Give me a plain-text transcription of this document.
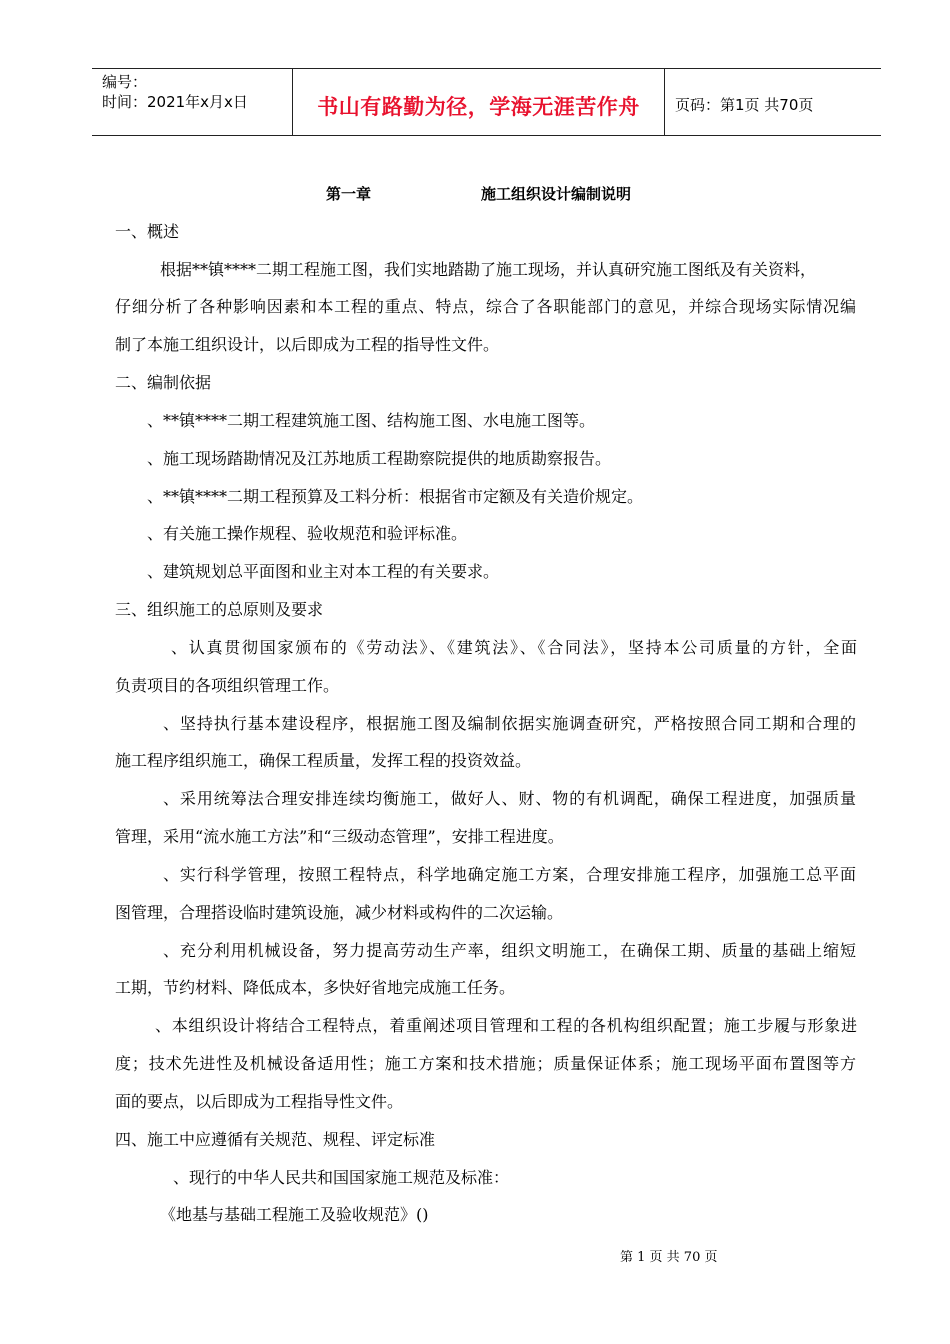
编号：
时间：2021年x月x日	书山有路勤为径，学海无涯苦作舟	页码：第1页 共70页
第一章	施工组织设计编制说明
一、概述
根据**镇****二期工程施工图，我们实地踏勘了施工现场，并认真研究施工图纸及有关资料，
仔细分析了各种影响因素和本工程的重点、特点，综合了各职能部门的意见，并综合现场实际情况编
制了本施工组织设计，以后即成为工程的指导性文件。
二、编制依据
、**镇****二期工程建筑施工图、结构施工图、水电施工图等。
、施工现场踏勘情况及江苏地质工程勘察院提供的地质勘察报告。
、**镇****二期工程预算及工料分析：根据省市定额及有关造价规定。
、有关施工操作规程、验收规范和验评标准。
、建筑规划总平面图和业主对本工程的有关要求。
三、组织施工的总原则及要求
、认真贯彻国家颁布的《劳动法》、《建筑法》、《合同法》，坚持本公司质量的方针，全面
负责项目的各项组织管理工作。
、坚持执行基本建设程序，根据施工图及编制依据实施调查研究，严格按照合同工期和合理的
施工程序组织施工，确保工程质量，发挥工程的投资效益。
、采用统筹法合理安排连续均衡施工，做好人、财、物的有机调配，确保工程进度，加强质量
管理，采用“流水施工方法”和“三级动态管理”，安排工程进度。
、实行科学管理，按照工程特点，科学地确定施工方案，合理安排施工程序，加强施工总平面
图管理，合理搭设临时建筑设施，减少材料或构件的二次运输。
、充分利用机械设备，努力提高劳动生产率，组织文明施工，在确保工期、质量的基础上缩短
工期，节约材料、降低成本，多快好省地完成施工任务。
、本组织设计将结合工程特点，着重阐述项目管理和工程的各机构组织配置；施工步履与形象进
度；技术先进性及机械设备适用性；施工方案和技术措施；质量保证体系；施工现场平面布置图等方
面的要点，以后即成为工程指导性文件。
四、施工中应遵循有关规范、规程、评定标准
、现行的中华人民共和国国家施工规范及标准：
《地基与基础工程施工及验收规范》()
第 1 页 共 70 页
